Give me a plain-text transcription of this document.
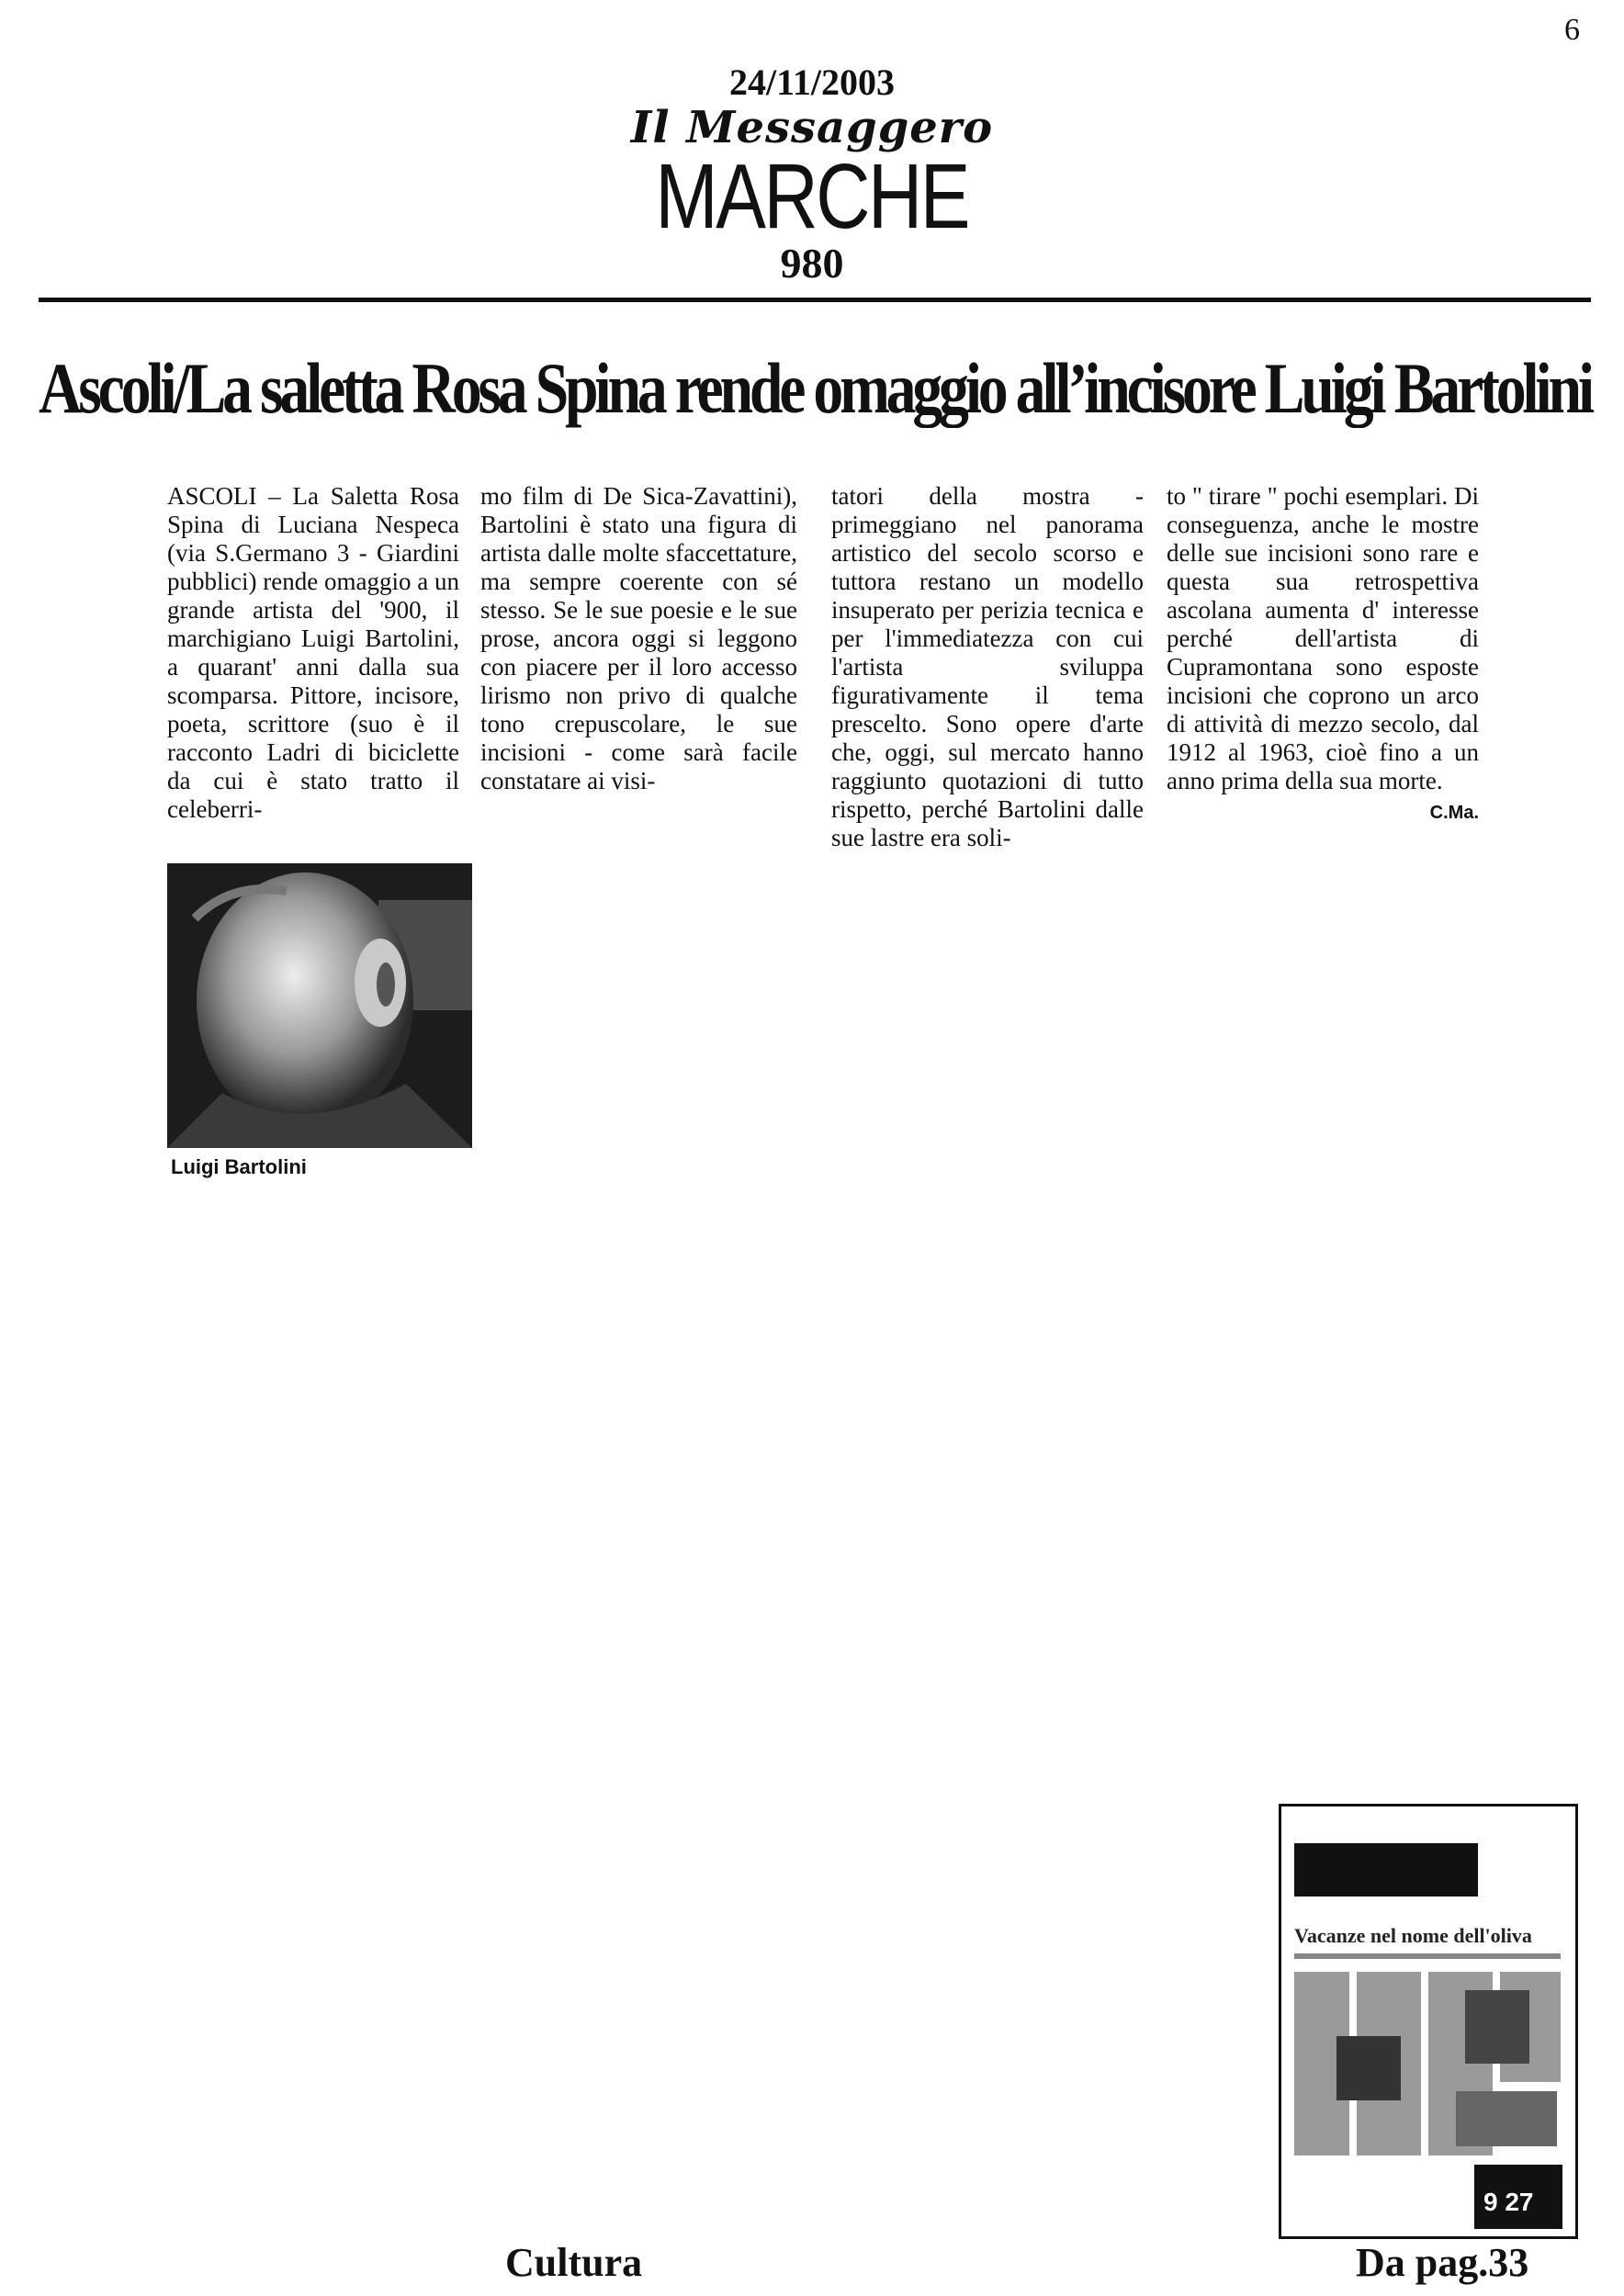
6
24/11/2003
Il Messaggero
MARCHE
980
Ascoli/La saletta Rosa Spina rende omaggio all’incisore Luigi Bartolini

ASCOLI – La Saletta Rosa Spina di Luciana Nespeca (via S.Germano 3 - Giardini pubblici) rende omaggio a un grande artista del '900, il marchigiano Luigi Bartolini, a quarant' anni dalla sua scomparsa. Pittore, incisore, poeta, scrittore (suo è il racconto Ladri di biciclette da cui è stato tratto il celeberri-

mo film di De Sica-Zavattini), Bartolini è stato una figura di artista dalle molte sfaccettature, ma sempre coerente con sé stesso. Se le sue poesie e le sue prose, ancora oggi si leggono con piacere per il loro accesso lirismo non privo di qualche tono crepuscolare, le sue incisioni - come sarà facile constatare ai visi-

tatori della mostra - primeggiano nel panorama artistico del secolo scorso e tuttora restano un modello insuperato per perizia tecnica e per l'immediatezza con cui l'artista sviluppa figurativamente il tema prescelto. Sono opere d'arte che, oggi, sul mercato hanno raggiunto quotazioni di tutto rispetto, perché Bartolini dalle sue lastre era soli-

to " tirare " pochi esemplari. Di conseguenza, anche le mostre delle sue incisioni sono rare e questa sua retrospettiva ascolana aumenta d' interesse perché dell'artista di Cupramontana sono esposte incisioni che coprono un arco di attività di mezzo secolo, dal 1912 al 1963, cioè fino a un anno prima della sua morte.

C.Ma.
Luigi Bartolini
Vacanze nel nome dell'oliva
9 27
Cultura	Da pag.33
